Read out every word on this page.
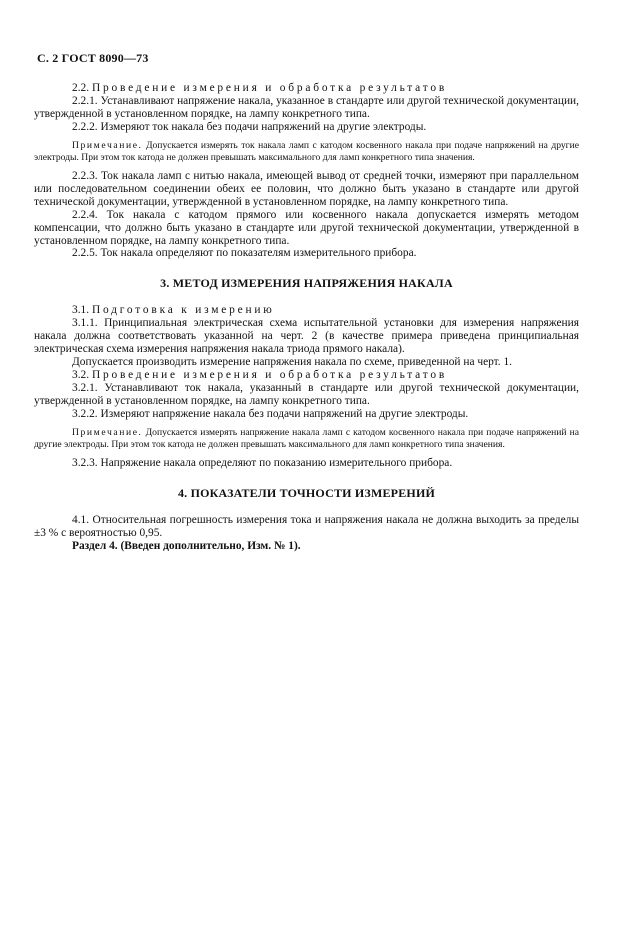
С. 2 ГОСТ 8090—73

2.2. Проведение измерения и обработка результатов

2.2.1. Устанавливают напряжение накала, указанное в стандарте или другой технической документации, утвержденной в установленном порядке, на лампу конкретного типа.

2.2.2. Измеряют ток накала без подачи напряжений на другие электроды.

Примечание. Допускается измерять ток накала ламп с катодом косвенного накала при подаче напряжений на другие электроды. При этом ток катода не должен превышать максимального для ламп конкретного типа значения.

2.2.3. Ток накала ламп с нитью накала, имеющей вывод от средней точки, измеряют при параллельном или последовательном соединении обеих ее половин, что должно быть указано в стандарте или другой технической документации, утвержденной в установленном порядке, на лампу конкретного типа.

2.2.4. Ток накала с катодом прямого или косвенного накала допускается измерять методом компенсации, что должно быть указано в стандарте или другой технической документации, утвержденной в установленном порядке, на лампу конкретного типа.

2.2.5. Ток накала определяют по показателям измерительного прибора.

3. МЕТОД ИЗМЕРЕНИЯ НАПРЯЖЕНИЯ НАКАЛА

3.1. Подготовка к измерению

3.1.1. Принципиальная электрическая схема испытательной установки для измерения напряжения накала должна соответствовать указанной на черт. 2 (в качестве примера приведена принципиальная электрическая схема измерения напряжения накала триода прямого накала).

Допускается производить измерение напряжения накала по схеме, приведенной на черт. 1.

3.2. Проведение измерения и обработка результатов

3.2.1. Устанавливают ток накала, указанный в стандарте или другой технической документации, утвержденной в установленном порядке, на лампу конкретного типа.

3.2.2. Измеряют напряжение накала без подачи напряжений на другие электроды.

Примечание. Допускается измерять напряжение накала ламп с катодом косвенного накала при подаче напряжений на другие электроды. При этом ток катода не должен превышать максимального для ламп конкретного типа значения.

3.2.3. Напряжение накала определяют по показанию измерительного прибора.

4. ПОКАЗАТЕЛИ ТОЧНОСТИ ИЗМЕРЕНИЙ

4.1. Относительная погрешность измерения тока и напряжения накала не должна выходить за пределы ±3 % с вероятностью 0,95.

Раздел 4. (Введен дополнительно, Изм. № 1).
